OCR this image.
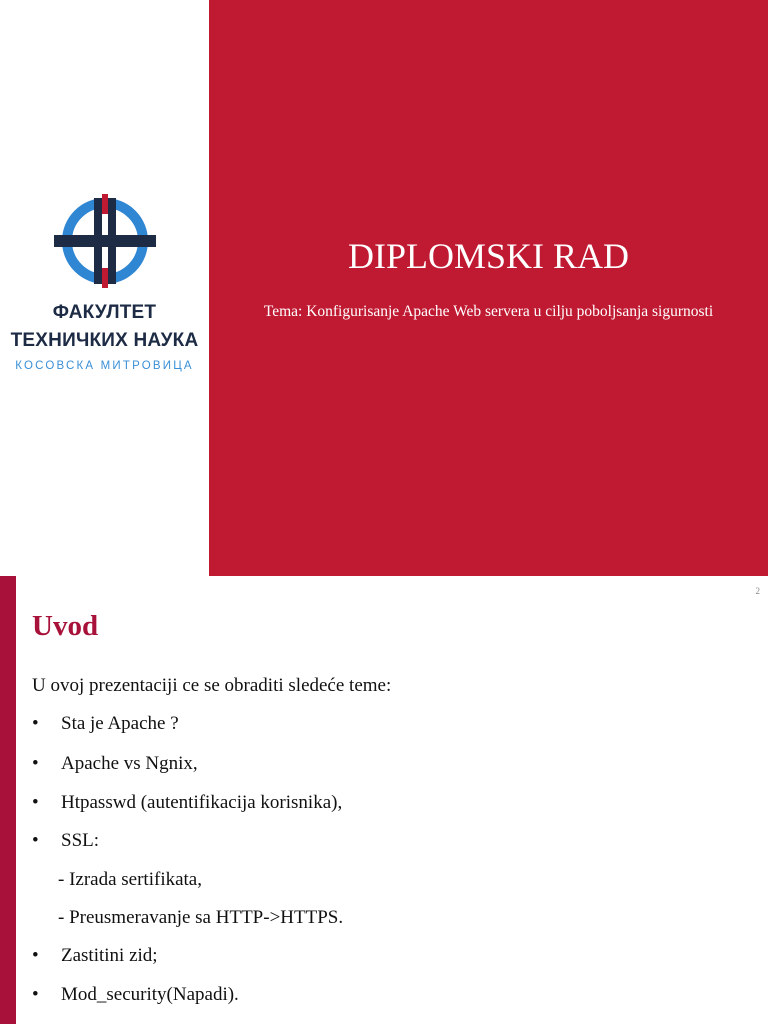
ФАКУЛТЕТ
ТЕХНИЧКИХ НАУКА
КОСОВСКА МИТРОВИЦА
DIPLOMSKI RAD
Tema: Konfigurisanje Apache Web servera u cilju poboljsanja sigurnosti
2
Uvod
U ovoj prezentaciji ce se obraditi sledeće teme:
• Sta je Apache ?
• Apache vs Ngnix,
• Htpasswd (autentifikacija korisnika),
• SSL:
- Izrada sertifikata,
- Preusmeravanje sa HTTP->HTTPS.
• Zastitini zid;
• Mod_security(Napadi).
